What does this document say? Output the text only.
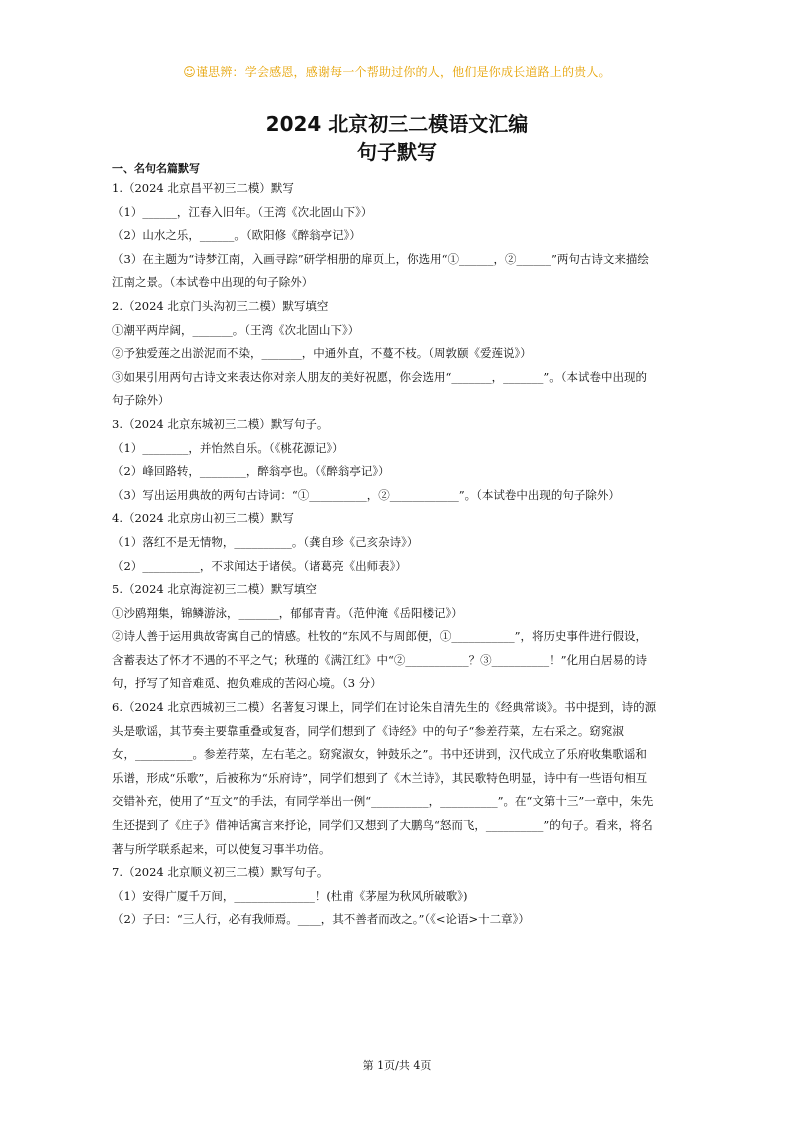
☺谨思辨：学会感恩，感谢每一个帮助过你的人，他们是你成长道路上的贵人。
2024 北京初三二模语文汇编
句子默写

一、名句名篇默写

1.（2024 北京昌平初三二模）默写

（1）______，江春入旧年。（王湾《次北固山下》）

（2）山水之乐，______。（欧阳修《醉翁亭记》）

（3）在主题为“诗梦江南，入画寻踪”研学相册的扉页上，你选用“①______，②______”两句古诗文来描绘

江南之景。（本试卷中出现的句子除外）

2.（2024 北京门头沟初三二模）默写填空

①潮平两岸阔，_______。（王湾《次北固山下》）

②予独爱莲之出淤泥而不染，_______，中通外直，不蔓不枝。（周敦颐《爱莲说》）

③如果引用两句古诗文来表达你对亲人朋友的美好祝愿，你会选用“_______，_______”。（本试卷中出现的

句子除外）

3.（2024 北京东城初三二模）默写句子。

（1）________，并怡然自乐。（《桃花源记》）

（2）峰回路转，________，醉翁亭也。（《醉翁亭记》）

（3）写出运用典故的两句古诗词：“①__________，②____________”。（本试卷中出现的句子除外）

4.（2024 北京房山初三二模）默写

（1）落红不是无情物，__________。（龚自珍《己亥杂诗》）

（2）__________，不求闻达于诸侯。（诸葛亮《出师表》）

5.（2024 北京海淀初三二模）默写填空

①沙鸥翔集，锦鳞游泳，_______，郁郁青青。（范仲淹《岳阳楼记》）

②诗人善于运用典故寄寓自己的情感。杜牧的“东风不与周郎便，①___________”，将历史事件进行假设，

含蓄表达了怀才不遇的不平之气；秋瑾的《满江红》中“②___________？③__________！”化用白居易的诗

句，抒写了知音难觅、抱负难成的苦闷心境。（3 分）

6.（2024 北京西城初三二模）名著复习课上，同学们在讨论朱自清先生的《经典常谈》。书中提到，诗的源

头是歌谣，其节奏主要靠重叠或复沓，同学们想到了《诗经》中的句子“参差荇菜，左右采之。窈窕淑

女，__________。参差荇菜，左右芼之。窈窕淑女，钟鼓乐之”。书中还讲到，汉代成立了乐府收集歌谣和

乐谱，形成“乐歌”，后被称为“乐府诗”，同学们想到了《木兰诗》，其民歌特色明显，诗中有一些语句相互

交错补充，使用了“互文”的手法，有同学举出一例“__________，__________”。在“文第十三”一章中，朱先

生还提到了《庄子》借神话寓言来抒论，同学们又想到了大鹏鸟“怒而飞，__________”的句子。看来，将名

著与所学联系起来，可以使复习事半功倍。

7.（2024 北京顺义初三二模）默写句子。

（1）安得广厦千万间，______________！(杜甫《茅屋为秋风所破歌》)

（2）子曰：“三人行，必有我师焉。____，其不善者而改之。”（《<论语>十二章》）

第 1页/共 4页
